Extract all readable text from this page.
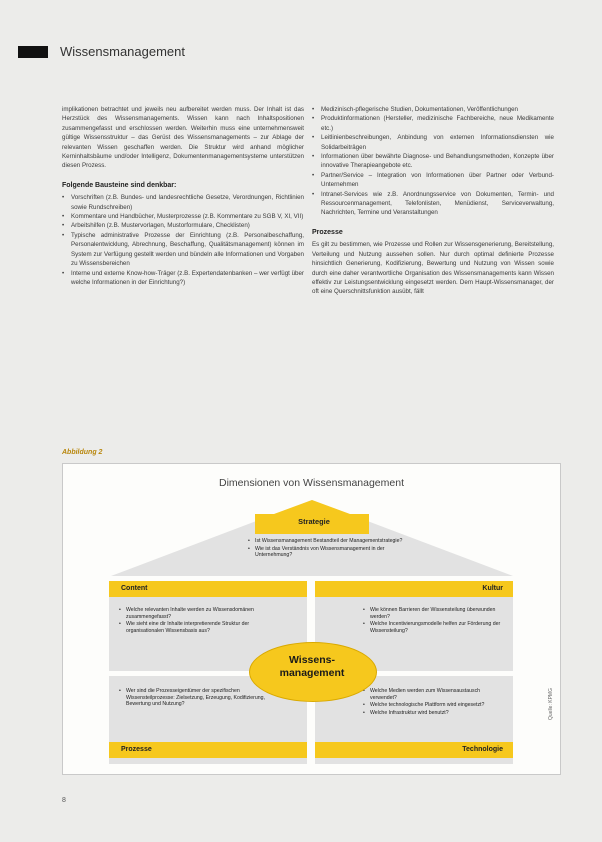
Wissensmanagement

implikationen betrachtet und jeweils neu aufbereitet werden muss. Der Inhalt ist das Herzstück des Wissensmanagements. Wissen kann nach Inhaltspositionen zusammengefasst und erschlossen werden. Weiterhin muss eine unternehmensweit gültige Wissensstruktur – das Gerüst des Wissensmanagements – zur Ablage der relevanten Wissen geschaffen werden. Die Struktur wird anhand möglicher Kerninhaltsbäume und/oder Intelligenz, Dokumentenmanagementsysteme unterstützen diesen Prozess.

Folgende Bausteine sind denkbar:
• Vorschriften (z.B. Bundes- und landesrechtliche Gesetze, Verordnungen, Richtlinien sowie Rundschreiben)
• Kommentare und Handbücher, Musterprozesse (z.B. Kommentare zu SGB V, XI, VII)
• Arbeitshilfen (z.B. Mustervorlagen, Mustorformulare, Checklisten)
• Typische administrative Prozesse der Einrichtung (z.B. Personalbeschaffung, Personalentwicklung, Abrechnung, Beschaffung, Qualitätsmanagement) können im System zur Verfügung gestellt werden und bündeln alle Informationen und Vorgaben zu Wissensbereichen
• Interne und externe Know-how-Träger (z.B. Expertendatenbanken – wer verfügt über welche Informationen in der Einrichtung?)
• Medizinisch-pflegerische Studien, Dokumentationen, Veröffentlichungen
• Produktinformationen (Hersteller, medizinische Fachbereiche, neue Medikamente etc.)
• Leitlinienbeschreibungen, Anbindung von externen Informationsdiensten wie Solidarbeiträgen
• Informationen über bewährte Diagnose- und Behandlungsmethoden, Konzepte über innovative Therapieangebote etc.
• Partner/Service – Integration von Informationen über Partner oder Verbund-Unternehmen
• Intranet-Services wie z.B. Anordnungsservice von Dokumenten, Termin- und Ressourcenmanagement, Telefonlisten, Menüdienst, Serviceverwaltung, Nachrichten, Termine und Veranstaltungen
Prozesse

Es gilt zu bestimmen, wie Prozesse und Rollen zur Wissensgenerierung, Bereitstellung, Verteilung und Nutzung aussehen sollen. Nur durch optimal definierte Prozesse hinsichtlich Generierung, Kodifizierung, Bewertung und Nutzung von Wissen sowie durch eine daher verantwortliche Organisation des Wissensmanagements kann Wissen effektiv zur Leistungsentwicklung eingesetzt werden. Dem Haupt-Wissensmanager, der oft eine Querschnittsfunktion ausübt, fällt

Abbildung 2
Dimensionen von Wissensmanagement
Strategie
• Ist Wissensmanagement Bestandteil der Managementstrategie?
• Wie ist das Verständnis von Wissensmanagement in der Unternehmung?
Content
• Welche relevanten Inhalte werden zu Wissensdomänen zusammengefasst?
• Wie sieht eine dir Inhalte interpretierende Struktur der organisationalen Wissensbasis aus?
Kultur
• Wie können Barrieren der Wissensteilung überwunden werden?
• Welche Incentivierungsmodelle helfen zur Förderung der Wissensteilung?
• Wer sind die Prozesseigentümer der spezifischen Wissensteilprozesse: Zielsetzung, Erzeugung, Kodifizierung, Bewertung und Nutzung?
Prozesse
• Welche Medien werden zum Wissensaustausch verwendet?
• Welche technologische Plattform wird eingesetzt?
• Welche Infrastruktur wird benutzt?
Technologie
Wissens-
management
Quelle: KPMG
8
